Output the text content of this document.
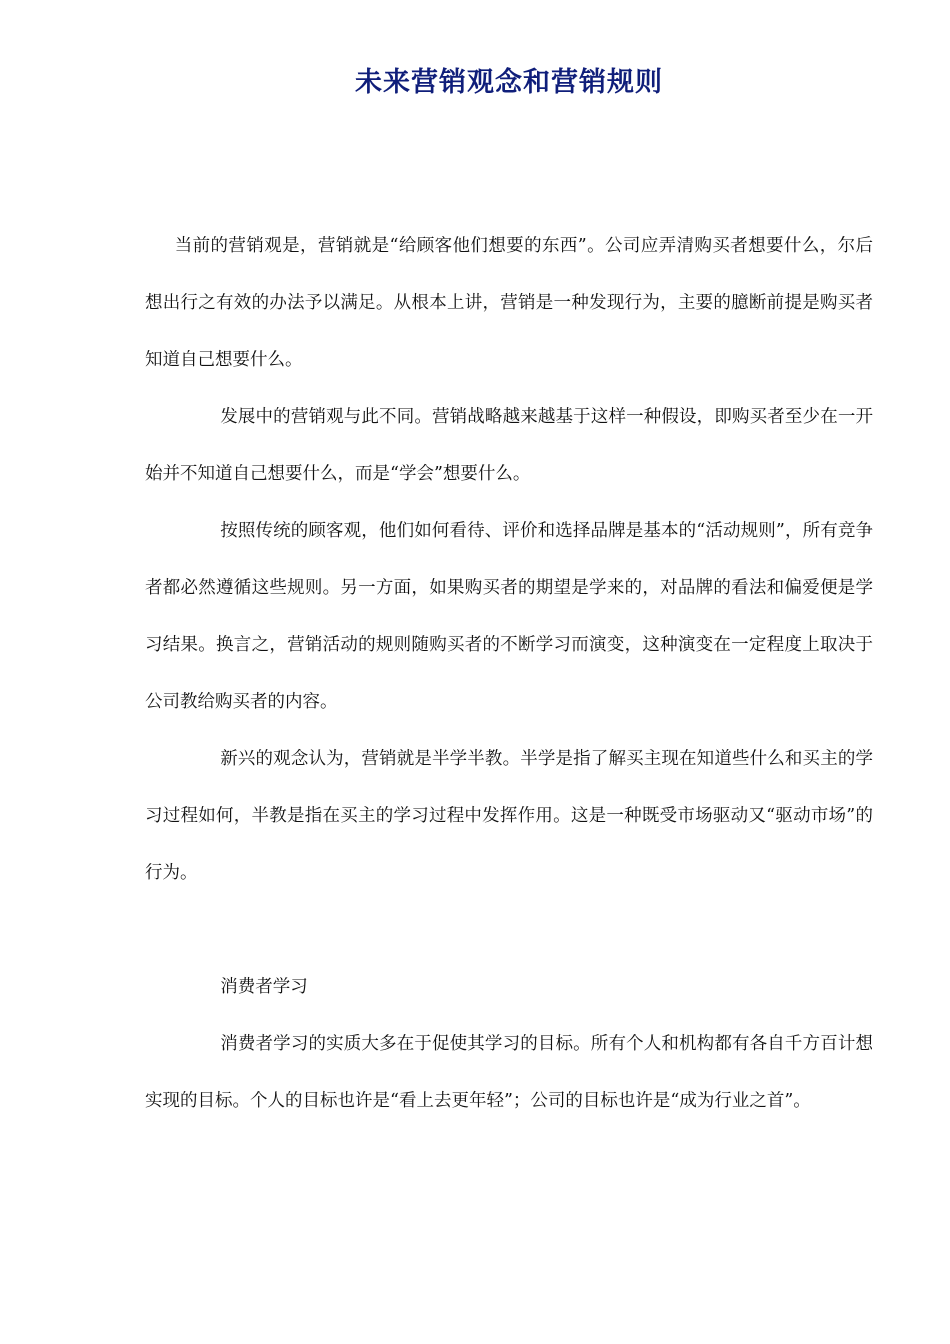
未来营销观念和营销规则

当前的营销观是，营销就是“给顾客他们想要的东西”。公司应弄清购买者想要什么，尔后想出行之有效的办法予以满足。从根本上讲，营销是一种发现行为，主要的臆断前提是购买者知道自己想要什么。

发展中的营销观与此不同。营销战略越来越基于这样一种假设，即购买者至少在一开始并不知道自己想要什么，而是“学会”想要什么。

按照传统的顾客观，他们如何看待、评价和选择品牌是基本的“活动规则”，所有竞争者都必然遵循这些规则。另一方面，如果购买者的期望是学来的，对品牌的看法和偏爱便是学习结果。换言之，营销活动的规则随购买者的不断学习而演变，这种演变在一定程度上取决于公司教给购买者的内容。

新兴的观念认为，营销就是半学半教。半学是指了解买主现在知道些什么和买主的学习过程如何，半教是指在买主的学习过程中发挥作用。这是一种既受市场驱动又“驱动市场”的行为。

消费者学习

消费者学习的实质大多在于促使其学习的目标。所有个人和机构都有各自千方百计想实现的目标。个人的目标也许是“看上去更年轻”；公司的目标也许是“成为行业之首”。
